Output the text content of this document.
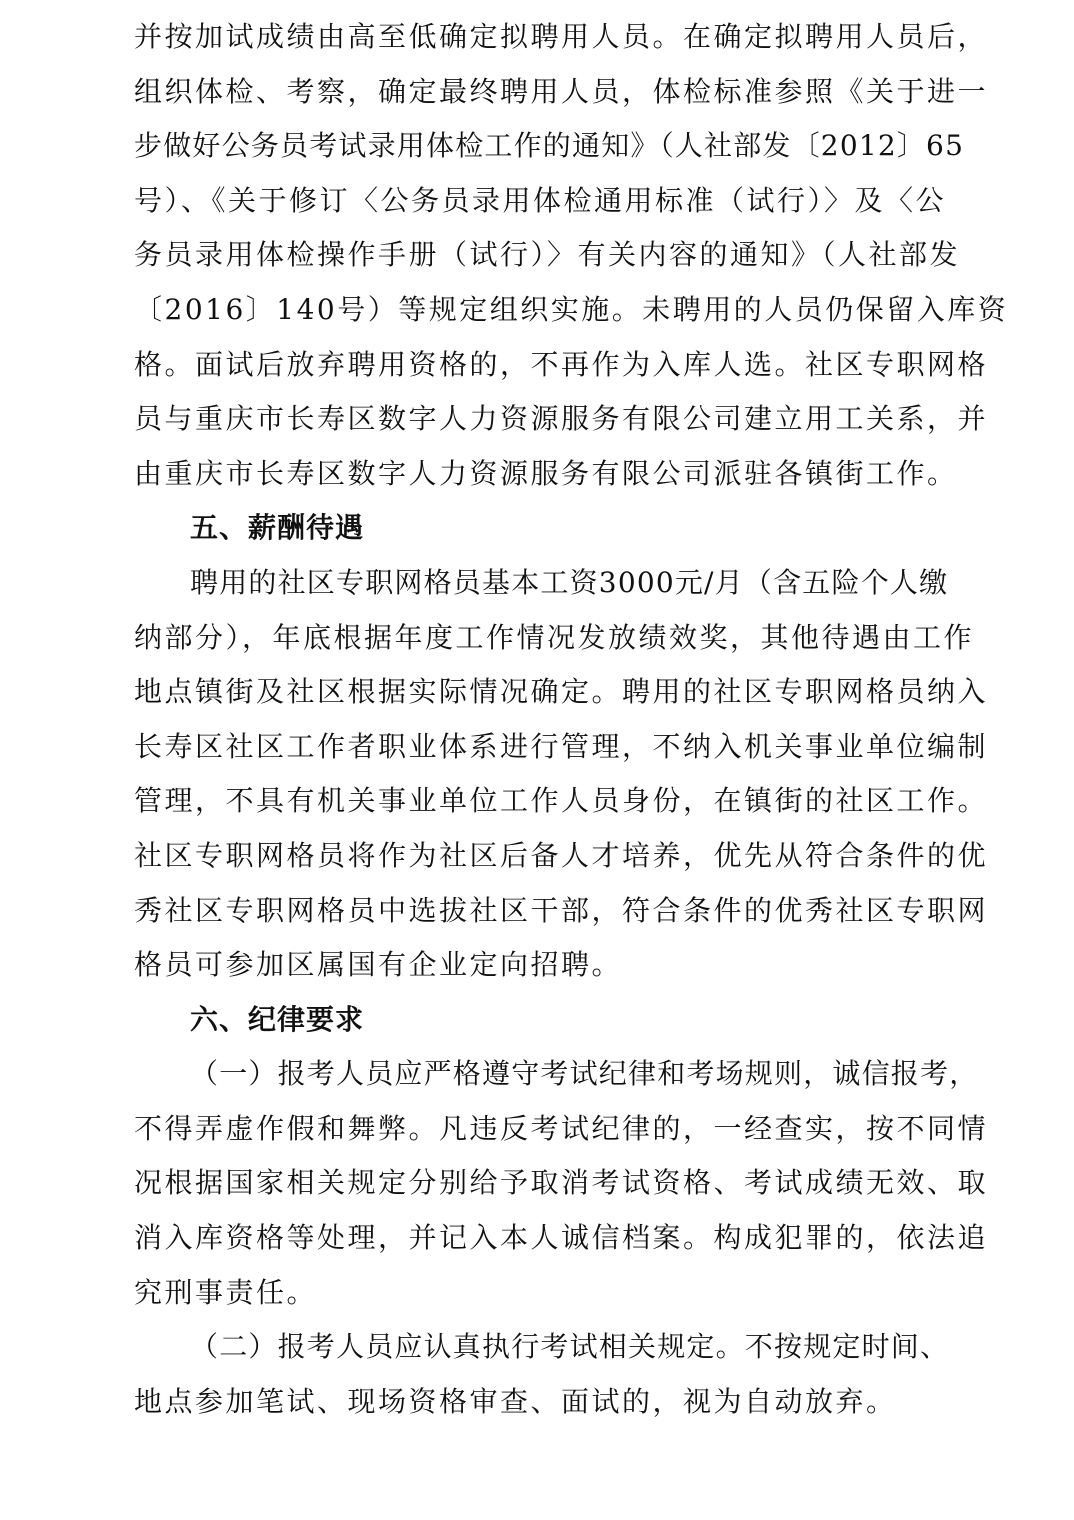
并按加试成绩由高至低确定拟聘用人员。在确定拟聘用人员后，
组织体检、考察，确定最终聘用人员，体检标准参照《关于进一
步做好公务员考试录用体检工作的通知》（人社部发〔2012〕65
号）、《关于修订〈公务员录用体检通用标准（试行）〉及〈公
务员录用体检操作手册（试行）〉有关内容的通知》（人社部发
〔2016〕140号）等规定组织实施。未聘用的人员仍保留入库资
格。面试后放弃聘用资格的，不再作为入库人选。社区专职网格
员与重庆市长寿区数字人力资源服务有限公司建立用工关系，并
由重庆市长寿区数字人力资源服务有限公司派驻各镇街工作。
五、薪酬待遇
聘用的社区专职网格员基本工资3000元/月（含五险个人缴
纳部分），年底根据年度工作情况发放绩效奖，其他待遇由工作
地点镇街及社区根据实际情况确定。聘用的社区专职网格员纳入
长寿区社区工作者职业体系进行管理，不纳入机关事业单位编制
管理，不具有机关事业单位工作人员身份，在镇街的社区工作。
社区专职网格员将作为社区后备人才培养，优先从符合条件的优
秀社区专职网格员中选拔社区干部，符合条件的优秀社区专职网
格员可参加区属国有企业定向招聘。
六、纪律要求
（一）报考人员应严格遵守考试纪律和考场规则，诚信报考，
不得弄虚作假和舞弊。凡违反考试纪律的，一经查实，按不同情
况根据国家相关规定分别给予取消考试资格、考试成绩无效、取
消入库资格等处理，并记入本人诚信档案。构成犯罪的，依法追
究刑事责任。
（二）报考人员应认真执行考试相关规定。不按规定时间、
地点参加笔试、现场资格审查、面试的，视为自动放弃。
